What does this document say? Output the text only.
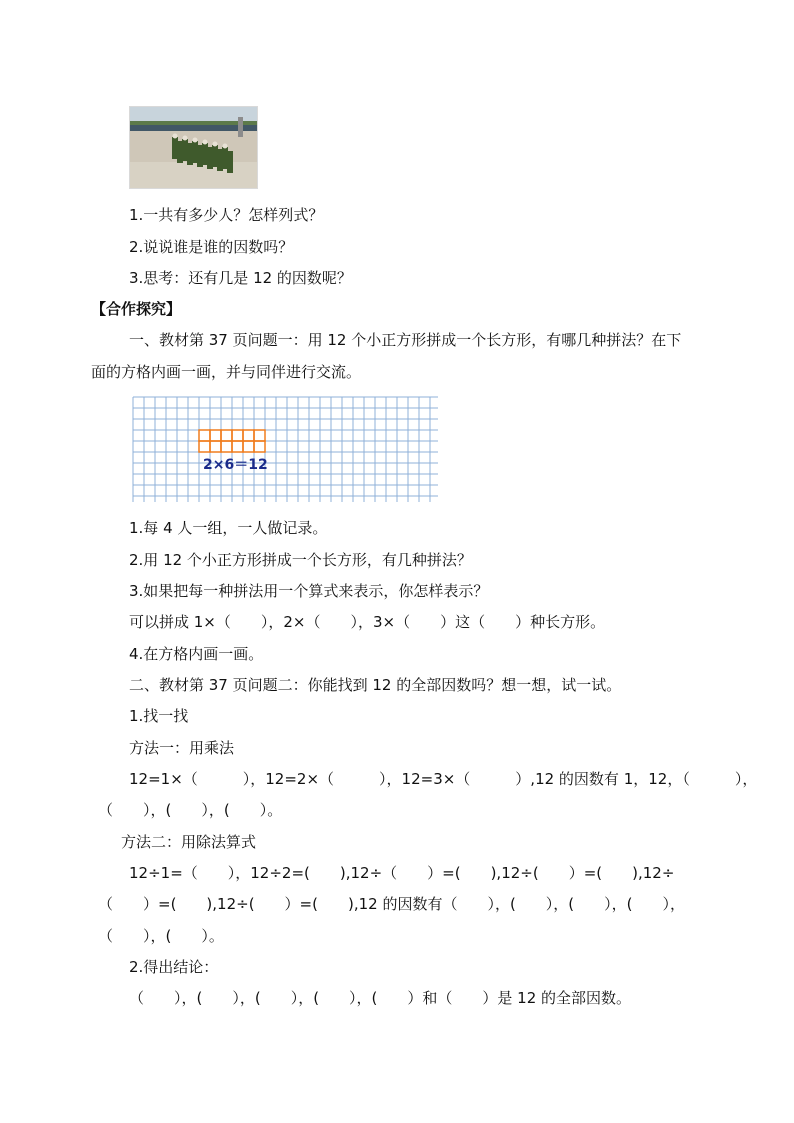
1.一共有多少人？怎样列式？
2.说说谁是谁的因数吗？
3.思考：还有几是 12 的因数呢？
【合作探究】
一、教材第 37 页问题一：用 12 个小正方形拼成一个长方形，有哪几种拼法？在下
面的方格内画一画，并与同伴进行交流。
2×6＝12
1.每 4 人一组，一人做记录。
2.用 12 个小正方形拼成一个长方形，有几种拼法？
3.如果把每一种拼法用一个算式来表示，你怎样表示？
可以拼成 1×（　　），2×（　　），3×（　　）这（　　）种长方形。
4.在方格内画一画。
二、教材第 37 页问题二：你能找到 12 的全部因数吗？想一想，试一试。
1.找一找
方法一：用乘法
12=1×（　　　），12=2×（　　　），12=3×（　　　）,12 的因数有 1，12，（　　　），
（　　），(　　），(　　）。
方法二：用除法算式
12÷1=（　　），12÷2=(　　),12÷（　　）=(　　),12÷(　　）=(　　),12÷
（　　）=(　　),12÷(　　）=(　　),12 的因数有（　　），(　　），(　　），(　　），
（　　），(　　）。
2.得出结论：
（　　），(　　），(　　），(　　），(　　）和（　　）是 12 的全部因数。
